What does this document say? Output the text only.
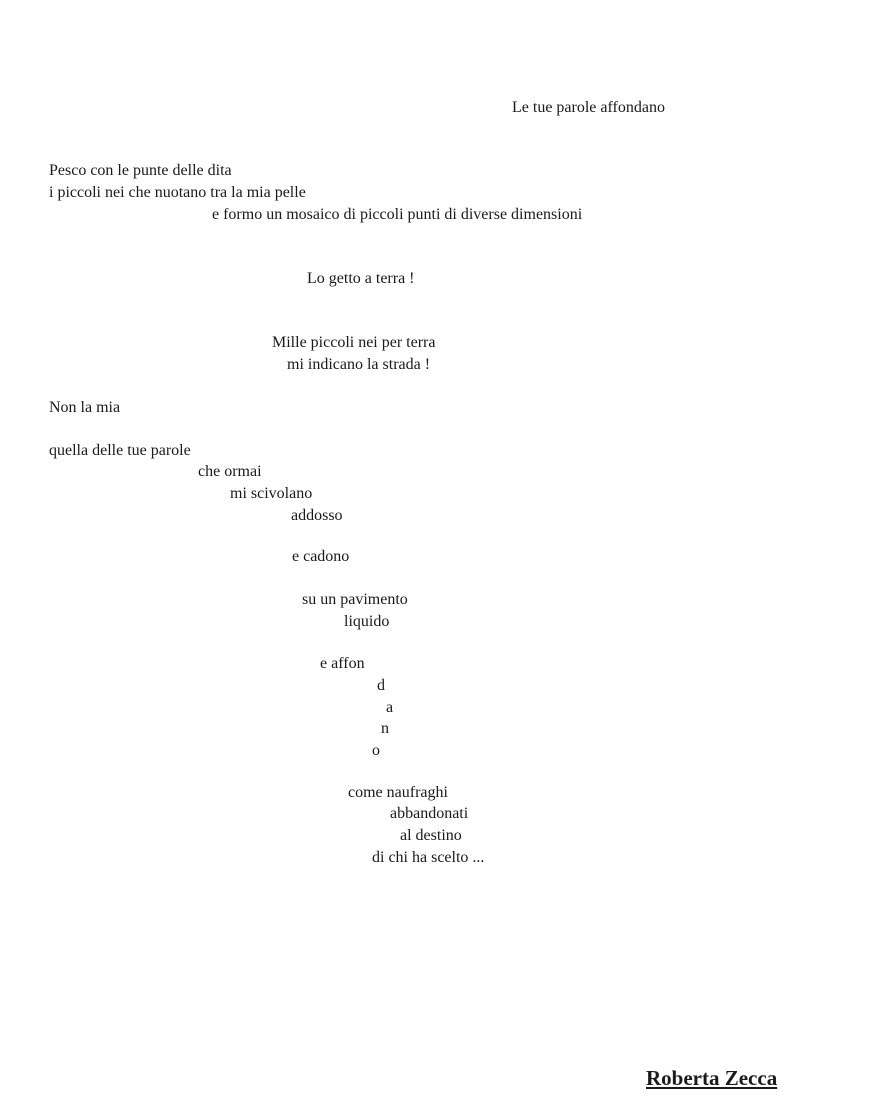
Le tue parole affondano
Pesco con le punte delle dita
i piccoli nei che nuotano tra la mia pelle
e formo un mosaico di piccoli punti di diverse dimensioni
Lo getto a terra !
Mille piccoli nei per terra
mi indicano la strada !
Non la mia
quella delle tue parole
che ormai
mi scivolano
addosso
e cadono
su un pavimento
liquido
e affon
d
a
n
o
come naufraghi
abbandonati
al destino
di chi ha scelto ...
Roberta Zecca
